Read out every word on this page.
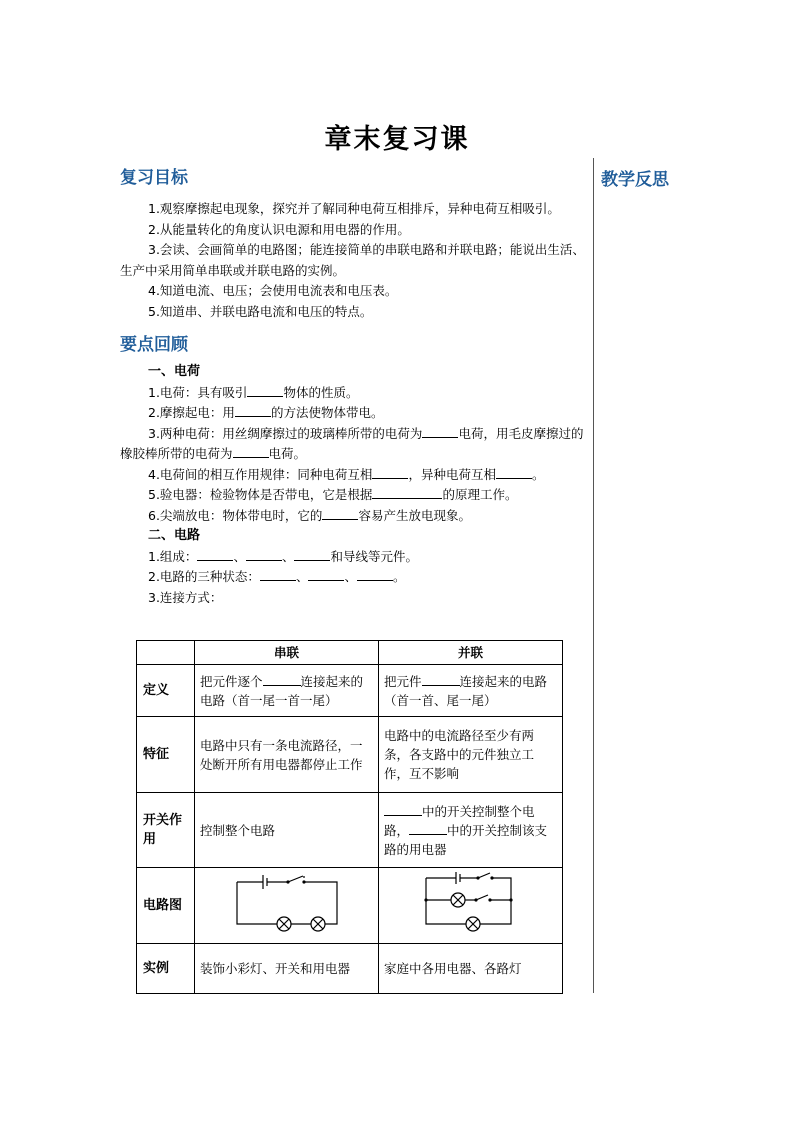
章末复习课
教学反思
复习目标

1.观察摩擦起电现象，探究并了解同种电荷互相排斥，异种电荷互相吸引。

2.从能量转化的角度认识电源和用电器的作用。

3.会读、会画简单的电路图；能连接简单的串联电路和并联电路；能说出生活、生产中采用简单串联或并联电路的实例。

4.知道电流、电压；会使用电流表和电压表。

5.知道串、并联电路电流和电压的特点。

要点回顾

一、电荷

1.电荷：具有吸引	物体的性质。

2.摩擦起电：用	的方法使物体带电。

3.两种电荷：用丝绸摩擦过的玻璃棒所带的电荷为	电荷，用毛皮摩擦过的橡胶棒所带的电荷为	电荷。

4.电荷间的相互作用规律：同种电荷互相	，异种电荷互相	。

5.验电器：检验物体是否带电，它是根据	的原理工作。

6.尖端放电：物体带电时，它的	容易产生放电现象。

二、电路

1.组成：	、	、	和导线等元件。

2.电路的三种状态：	、	、	。

3.连接方式：

	串联	并联
定义	把元件逐个 连接起来的电路（首一尾一首一尾）	把元件 连接起来的电路（首一首、尾一尾）
特征	电路中只有一条电流路径，一处断开所有用电器都停止工作	电路中的电流路径至少有两条，各支路中的元件独立工作，互不影响
开关作用	控制整个电路	中的开关控制整个电路， 中的开关控制该支路的用电器
电路图		
实例	装饰小彩灯、开关和用电器	家庭中各用电器、各路灯
